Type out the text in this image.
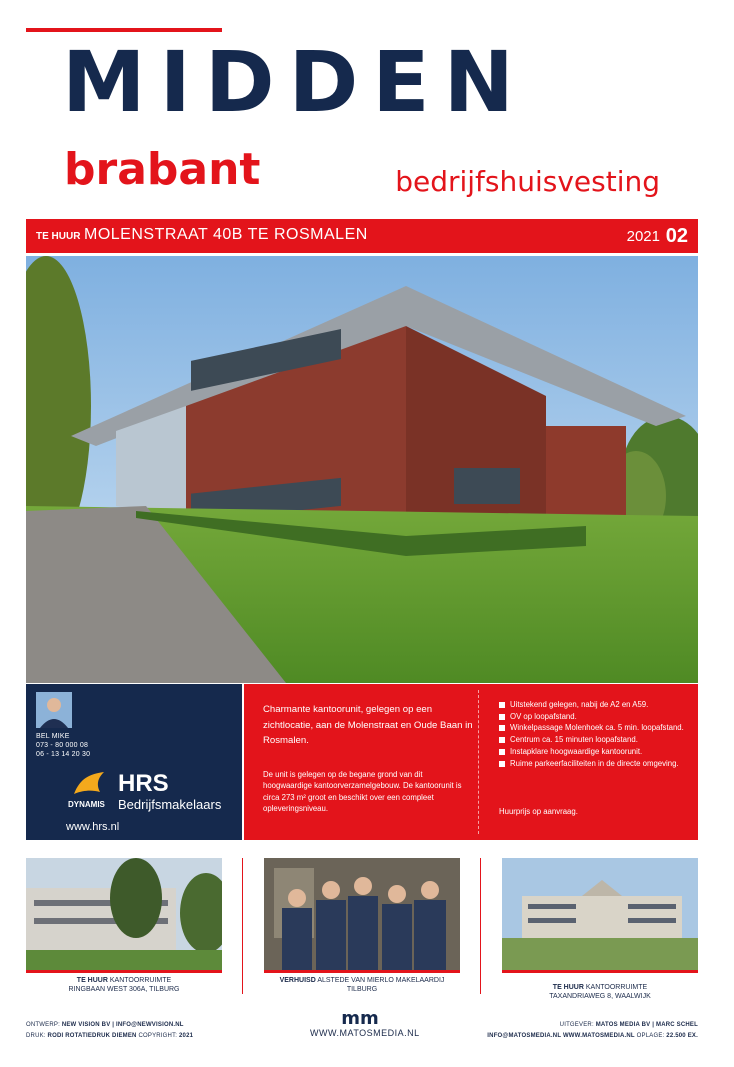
MIDDEN
brabant	bedrijfshuisvesting
TE HUUR MOLENSTRAAT 40B TE ROSMALEN	2021 02
BEL MIKE
073 - 80 000 08
06 - 13 14 20 30
DYNAMIS
HRS
Bedrijfsmakelaars
www.hrs.nl
Charmante kantoorunit, gelegen op een zichtlocatie, aan de Molenstraat en Oude Baan in Rosmalen.
De unit is gelegen op de begane grond van dit hoogwaardige kantoorverzamelgebouw. De kantoorunit is circa 273 m² groot en beschikt over een compleet opleveringsniveau.
Uitstekend gelegen, nabij de A2 en A59.
OV op loopafstand.
Winkelpassage Molenhoek ca. 5 min. loopafstand.
Centrum ca. 15 minuten loopafstand.
Instapklare hoogwaardige kantoorunit.
Ruime parkeerfaciliteiten in de directe omgeving.
Huurprijs op aanvraag.
TE HUUR KANTOORRUIMTE
RINGBAAN WEST 306A, TILBURG
VERHUISD ALSTEDE VAN MIERLO MAKELAARDIJ
TILBURG	TE HUUR KANTOORRUIMTE
TAXANDRIAWEG 8, WAALWIJK
ONTWERP: NEW VISION BV | INFO@NEWVISION.NL
DRUK: RODI ROTATIEDRUK DIEMEN COPYRIGHT: 2021
mm
WWW.MATOSMEDIA.NL
UITGEVER: MATOS MEDIA BV | MARC SCHEL
INFO@MATOSMEDIA.NL WWW.MATOSMEDIA.NL OPLAGE: 22.500 EX.
